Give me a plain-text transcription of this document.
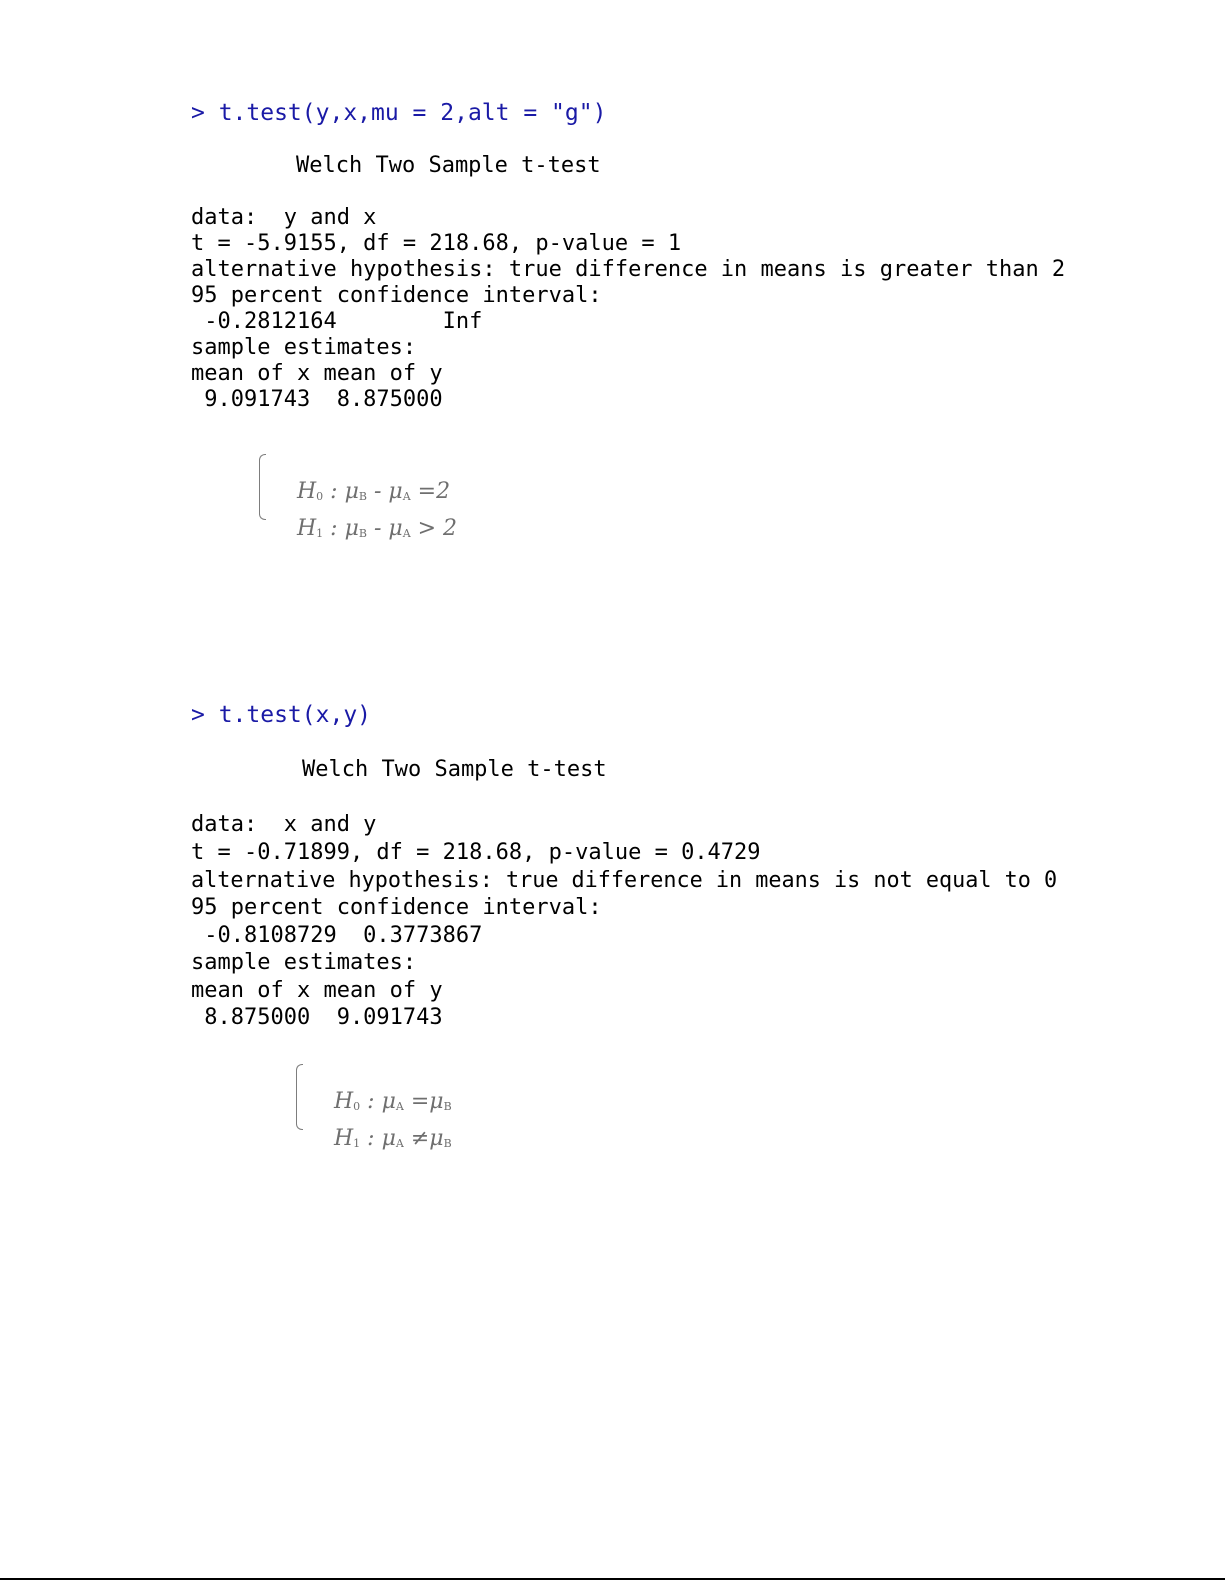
> t.test(y,x,mu = 2,alt = "g")
Welch Two Sample t-test
data:  y and x
t = -5.9155, df = 218.68, p-value = 1
alternative hypothesis: true difference in means is greater than 2
95 percent confidence interval:
-0.2812164        Inf
sample estimates:
mean of x mean of y
9.091743  8.875000

$H_0$ : $\mu_B - \mu_A =2$

$H_1$ : $\mu_B - \mu_A > 2$

> t.test(x,y)
Welch Two Sample t-test
data:  x and y
t = -0.71899, df = 218.68, p-value = 0.4729
alternative hypothesis: true difference in means is not equal to 0
95 percent confidence interval:
-0.8108729  0.3773867
sample estimates:
mean of x mean of y
8.875000  9.091743

$H_0$ : $\mu_A =\mu_B$

$H_1$ : $\mu_A \ne\mu_B$
